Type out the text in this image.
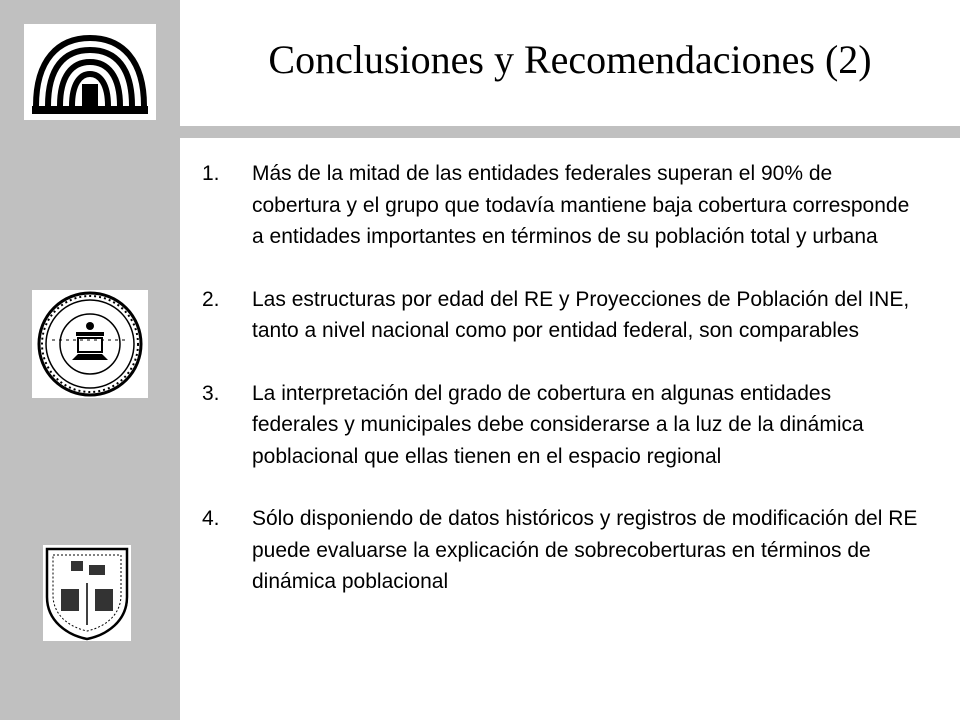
Conclusiones y Recomendaciones (2)
1. Más de la mitad de las entidades federales superan el 90% de cobertura y el grupo que todavía mantiene baja cobertura corresponde a entidades importantes en términos de su población total y urbana
2. Las estructuras por edad del RE y Proyecciones de Población del INE, tanto a nivel nacional como por entidad federal, son comparables
3. La interpretación del grado de cobertura en algunas entidades federales y municipales debe considerarse a la luz de la dinámica poblacional que ellas tienen en el espacio regional
4. Sólo disponiendo de datos históricos y registros de modificación del RE puede evaluarse la explicación de sobrecoberturas en términos de dinámica poblacional
